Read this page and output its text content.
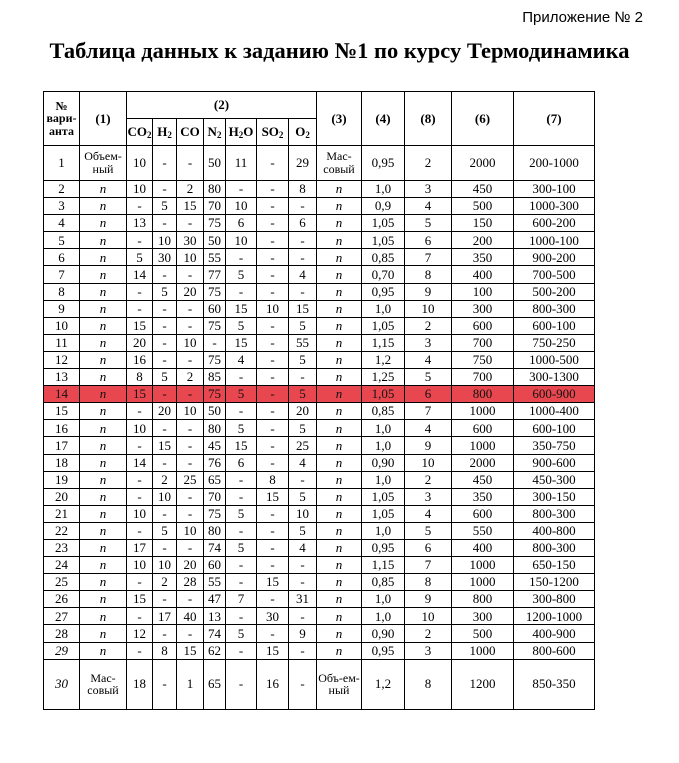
Приложение № 2
Таблица данных к заданию №1 по курсу Термодинамика
№ вари-анта	(1)	(2)							(3)	(4)	(8)	(6)	(7)
		$CO_2$	$H_2$	CO	$N_2$	$H_2O$	$SO_2$	$O_2$
1	Объем-ный	10	-	-	50	11	-	29	Мас-совый	0,95	2	2000	200-1000
2	n	10	-	2	80	-	-	8	n	1,0	3	450	300-100
3	n	-	5	15	70	10	-	-	n	0,9	4	500	1000-300
4	n	13	-	-	75	6	-	6	n	1,05	5	150	600-200
5	n	-	10	30	50	10	-	-	n	1,05	6	200	1000-100
6	n	5	30	10	55	-	-	-	n	0,85	7	350	900-200
7	n	14	-	-	77	5	-	4	n	0,70	8	400	700-500
8	n	-	5	20	75	-	-	-	n	0,95	9	100	500-200
9	n	-	-	-	60	15	10	15	n	1,0	10	300	800-300
10	n	15	-	-	75	5	-	5	n	1,05	2	600	600-100
11	n	20	-	10	-	15	-	55	n	1,15	3	700	750-250
12	n	16	-	-	75	4	-	5	n	1,2	4	750	1000-500
13	n	8	5	2	85	-	-	-	n	1,25	5	700	300-1300
14	n	15	-	-	75	5	-	5	n	1,05	6	800	600-900
15	n	-	20	10	50	-	-	20	n	0,85	7	1000	1000-400
16	n	10	-	-	80	5	-	5	n	1,0	4	600	600-100
17	n	-	15	-	45	15	-	25	n	1,0	9	1000	350-750
18	n	14	-	-	76	6	-	4	n	0,90	10	2000	900-600
19	n	-	2	25	65	-	8	-	n	1,0	2	450	450-300
20	n	-	10	-	70	-	15	5	n	1,05	3	350	300-150
21	n	10	-	-	75	5	-	10	n	1,05	4	600	800-300
22	n	-	5	10	80	-	-	5	n	1,0	5	550	400-800
23	n	17	-	-	74	5	-	4	n	0,95	6	400	800-300
24	n	10	10	20	60	-	-	-	n	1,15	7	1000	650-150
25	n	-	2	28	55	-	15	-	n	0,85	8	1000	150-1200
26	n	15	-	-	47	7	-	31	n	1,0	9	800	300-800
27	n	-	17	40	13	-	30	-	n	1,0	10	300	1200-1000
28	n	12	-	-	74	5	-	9	n	0,90	2	500	400-900
29	n	-	8	15	62	-	15	-	n	0,95	3	1000	800-600
30	Мас-совый	18	-	1	65	-	16	-	Объ-ем-ный	1,2	8	1200	850-350
